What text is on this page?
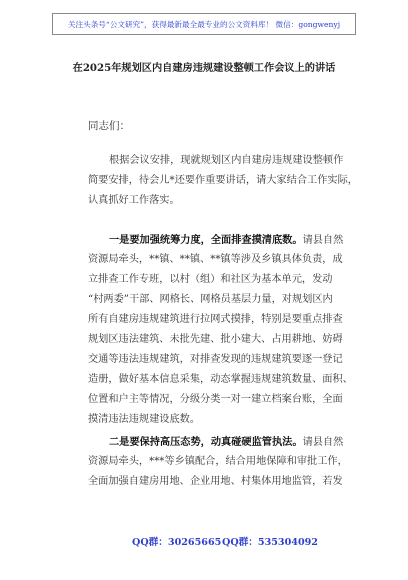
关注头条号“公文研究”，获得最新最全最专业的公文资料库！ 微信：gongwenyj
在2025年规划区内自建房违规建设整顿工作会议上的讲话
同志们：
根据会议安排，现就规划区内自建房违规建设整顿作
简要安排，待会儿*还要作重要讲话，请大家结合工作实际，
认真抓好工作落实。
一是要加强统筹力度，全面排查摸清底数。请县自然
资源局牵头，**镇、**镇、**镇等涉及乡镇具体负责，成
立排查工作专班，以村（组）和社区为基本单元，发动
“村两委”干部、网格长、网格员基层力量，对规划区内
所有自建房违规建筑进行拉网式摸排，特别是要重点排查
规划区违法建筑、未批先建、批小建大、占用耕地、妨碍
交通等违法违规建筑，对排查发现的违规建筑要逐一登记
造册，做好基本信息采集，动态掌握违规建筑数量、面积、
位置和户主等情况，分级分类一对一建立档案台账，全面
摸清违法违规建设底数。
二是要保持高压态势，动真碰硬监管执法。请县自然
资源局牵头，***等乡镇配合，结合用地保障和审批工作，
全面加强自建房用地、企业用地、村集体用地监管，若发
QQ群：30265665 QQ群：535304092
